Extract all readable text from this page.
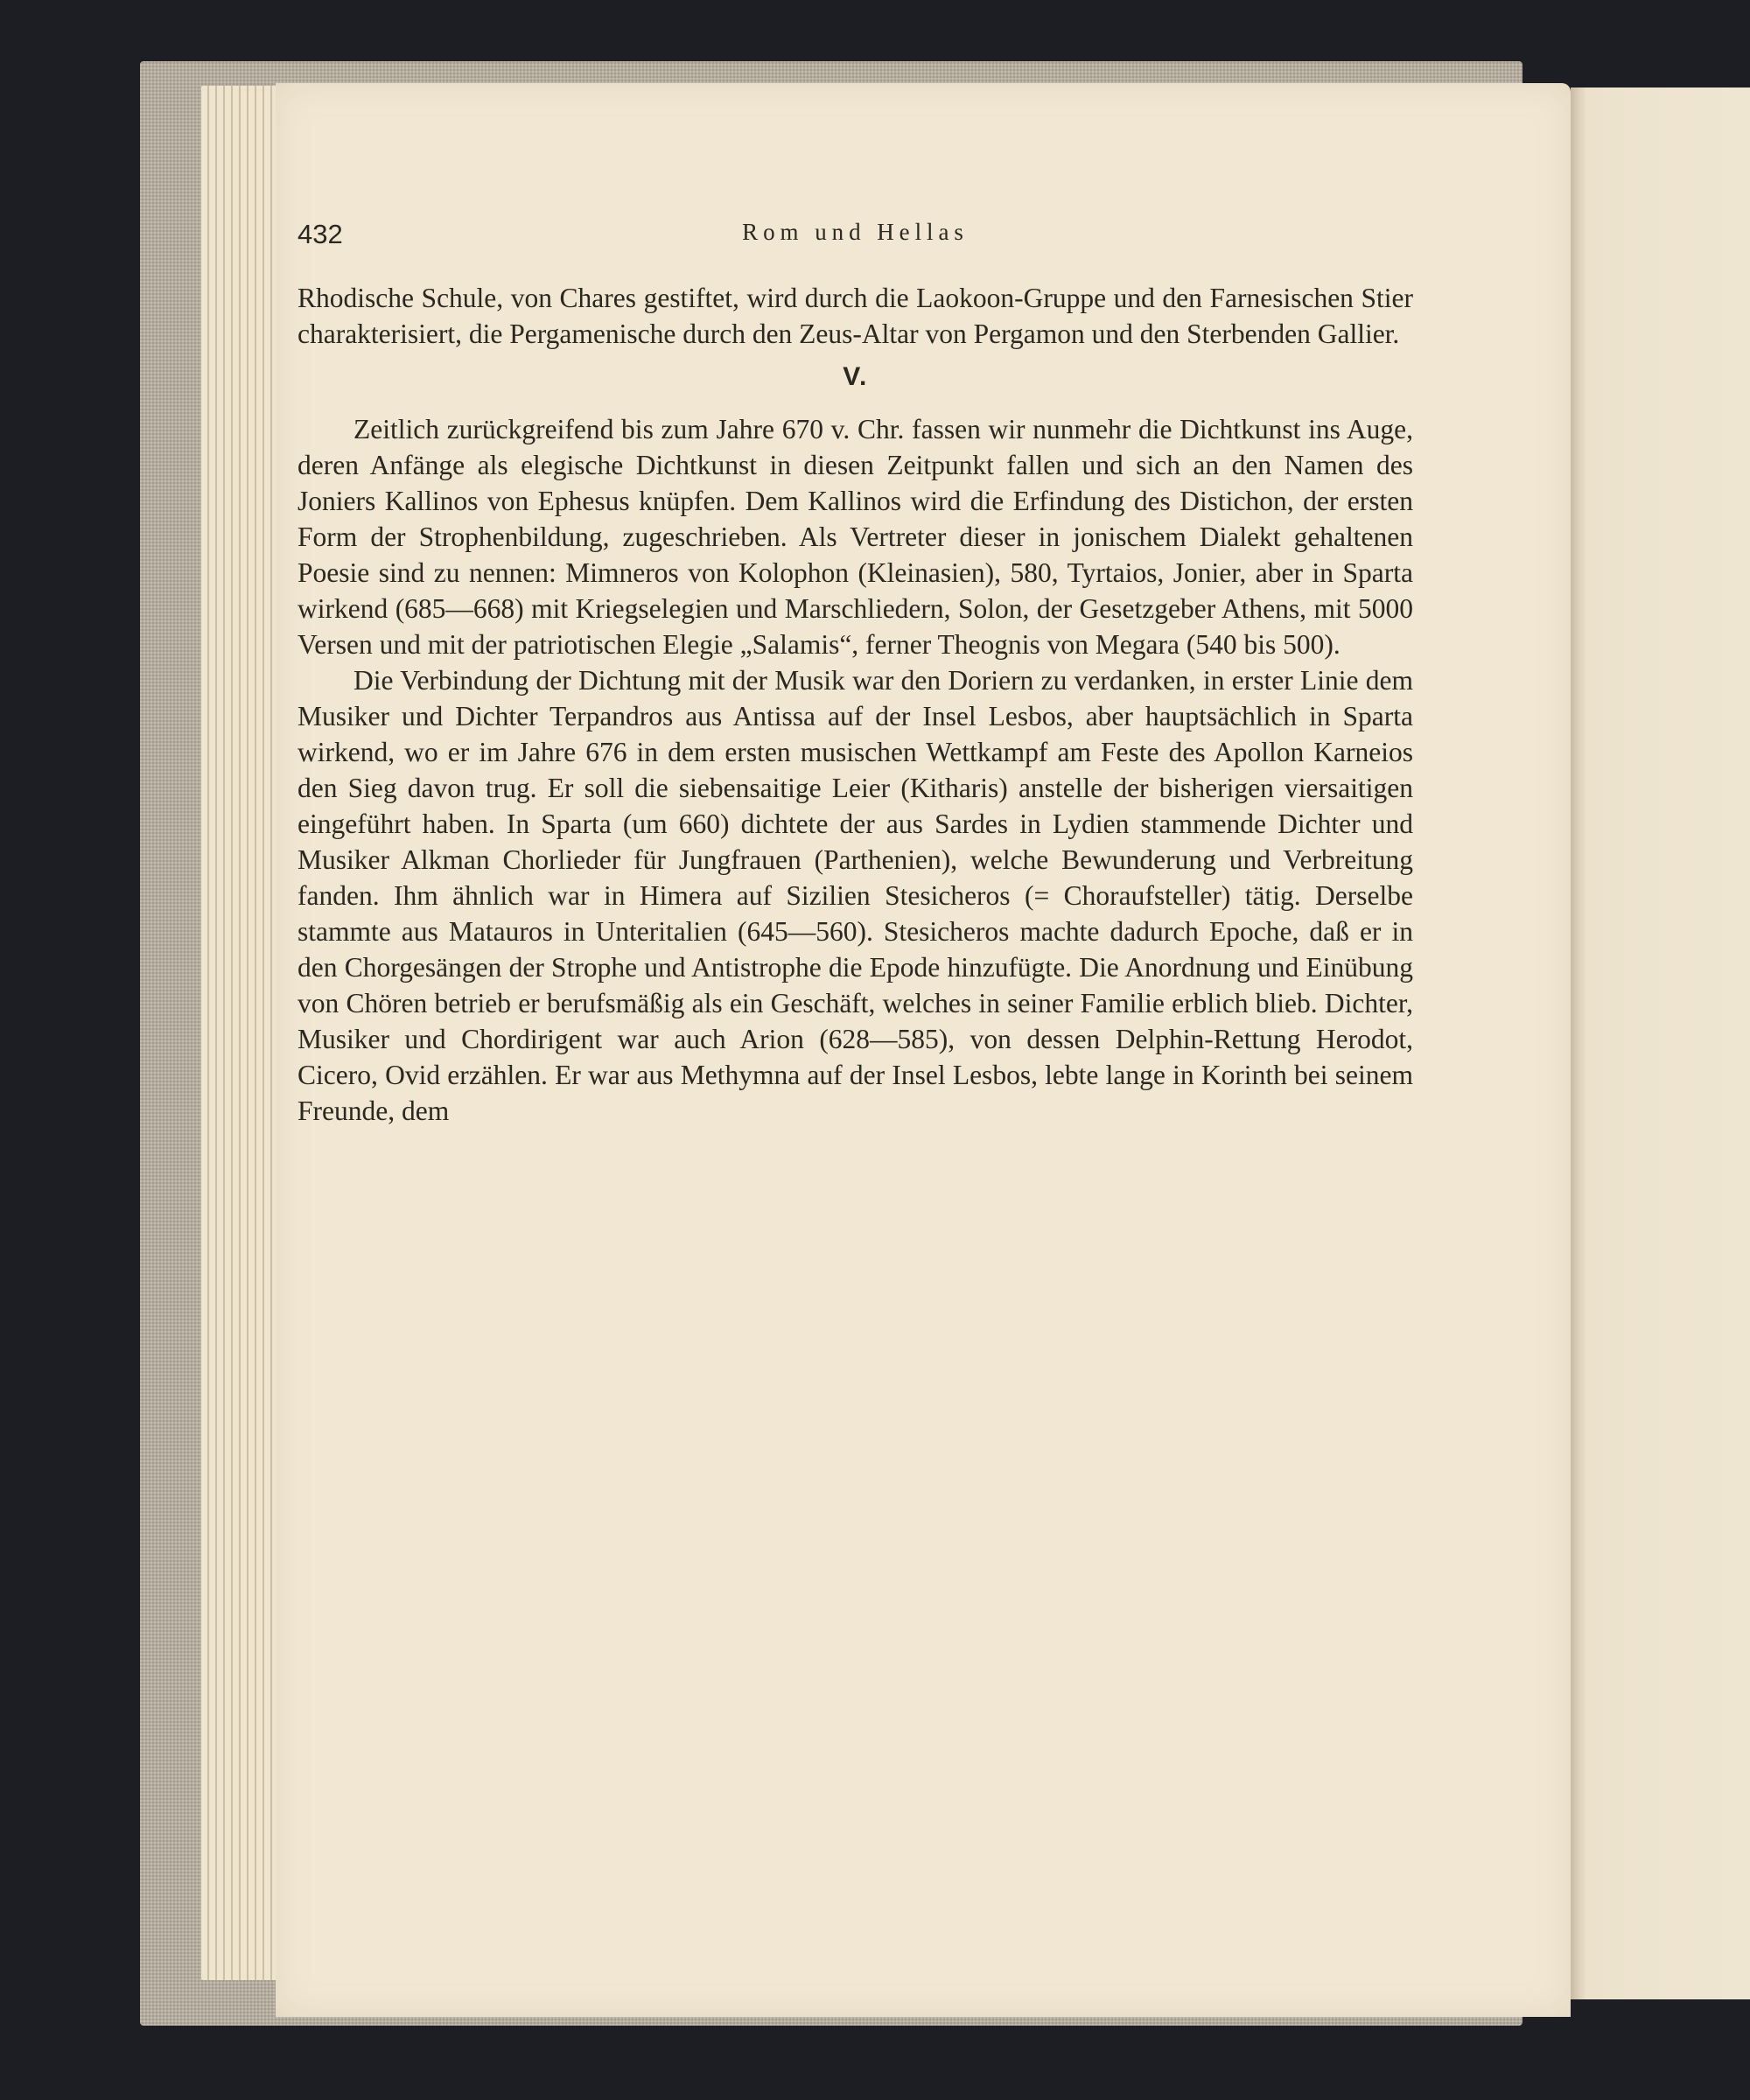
432	Rom und Hellas

Rhodische Schule, von Chares gestiftet, wird durch die Laokoon-Gruppe und den Farnesischen Stier charakterisiert, die Pergamenische durch den Zeus-Altar von Pergamon und den Sterbenden Gallier.

V.

Zeitlich zurückgreifend bis zum Jahre 670 v. Chr. fassen wir nunmehr die Dichtkunst ins Auge, deren Anfänge als elegische Dichtkunst in diesen Zeitpunkt fallen und sich an den Namen des Joniers Kallinos von Ephesus knüpfen. Dem Kallinos wird die Erfindung des Distichon, der ersten Form der Strophenbildung, zugeschrieben. Als Vertreter dieser in jonischem Dialekt gehaltenen Poesie sind zu nennen: Mimneros von Kolophon (Kleinasien), 580, Tyrtaios, Jonier, aber in Sparta wirkend (685—668) mit Kriegselegien und Marschliedern, Solon, der Gesetzgeber Athens, mit 5000 Versen und mit der patriotischen Elegie „Salamis“, ferner Theognis von Megara (540 bis 500).

Die Verbindung der Dichtung mit der Musik war den Doriern zu verdanken, in erster Linie dem Musiker und Dichter Terpandros aus Antissa auf der Insel Lesbos, aber hauptsächlich in Sparta wirkend, wo er im Jahre 676 in dem ersten musischen Wettkampf am Feste des Apollon Karneios den Sieg davon trug. Er soll die siebensaitige Leier (Kitharis) anstelle der bisherigen viersaitigen eingeführt haben. In Sparta (um 660) dichtete der aus Sardes in Lydien stammende Dichter und Musiker Alkman Chorlieder für Jungfrauen (Parthenien), welche Bewunderung und Verbreitung fanden. Ihm ähnlich war in Himera auf Sizilien Stesicheros (= Choraufsteller) tätig. Derselbe stammte aus Matauros in Unteritalien (645—560). Stesicheros machte dadurch Epoche, daß er in den Chorgesängen der Strophe und Antistrophe die Epode hinzufügte. Die Anordnung und Einübung von Chören betrieb er berufsmäßig als ein Geschäft, welches in seiner Familie erblich blieb. Dichter, Musiker und Chordirigent war auch Arion (628—585), von dessen Delphin-Rettung Herodot, Cicero, Ovid erzählen. Er war aus Methymna auf der Insel Lesbos, lebte lange in Korinth bei seinem Freunde, dem
